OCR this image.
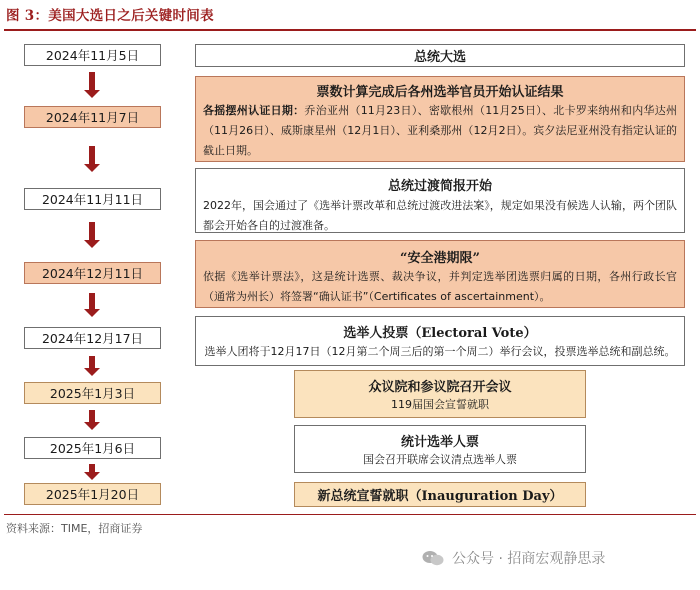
图 3：美国大选日之后关键时间表
2024年11月5日
2024年11月7日
2024年11月11日
2024年12月11日
2024年12月17日
2025年1月3日
2025年1月6日
2025年1月20日
总统大选
票数计算完成后各州选举官员开始认证结果
各摇摆州认证日期：乔治亚州（11月23日）、密歇根州（11月25日）、北卡罗来纳州和内华达州（11月26日）、威斯康星州（12月1日）、亚利桑那州（12月2日）。宾夕法尼亚州没有指定认证的截止日期。
总统过渡简报开始
2022年，国会通过了《选举计票改革和总统过渡改进法案》，规定如果没有候选人认输，两个团队都会开始各自的过渡准备。
“安全港期限”
依据《选举计票法》，这是统计选票、裁决争议，并判定选举团选票归属的日期，各州行政长官（通常为州长）将签署“确认证书”（Certificates of ascertainment）。
选举人投票（Electoral Vote）
选举人团将于12月17日（12月第二个周三后的第一个周二）举行会议，投票选举总统和副总统。
众议院和参议院召开会议
119届国会宣誓就职
统计选举人票
国会召开联席会议清点选举人票
新总统宣誓就职（Inauguration Day）
资料来源：TIME，招商证券
公众号 · 招商宏观静思录
